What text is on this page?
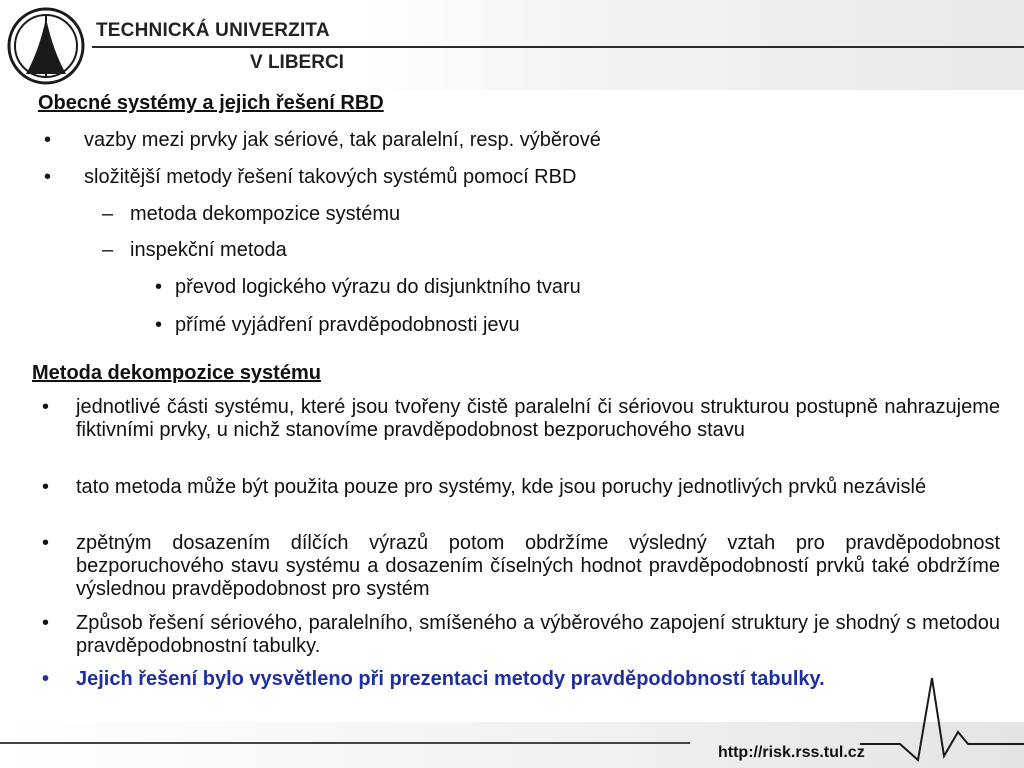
TECHNICKÁ UNIVERZITA
V LIBERCI
Obecné systémy a jejich řešení RBD
• vazby mezi prvky jak sériové, tak paralelní, resp. výběrové
• složitější metody řešení takových systémů pomocí RBD
– metoda dekompozice systému
– inspekční metoda
• převod logického výrazu do disjunktního tvaru
• přímé vyjádření pravděpodobnosti jevu
Metoda dekompozice systému
• jednotlivé části systému, které jsou tvořeny čistě paralelní či sériovou strukturou postupně nahrazujeme fiktivními prvky, u nichž stanovíme pravděpodobnost bezporuchového stavu
• tato metoda může být použita pouze pro systémy, kde jsou poruchy jednotlivých prvků nezávislé
• zpětným dosazením dílčích výrazů potom obdržíme výsledný vztah pro pravděpodobnost bezporuchového stavu systému a dosazením číselných hodnot pravděpodobností prvků také obdržíme výslednou pravděpodobnost pro systém
• Způsob řešení sériového, paralelního, smíšeného a výběrového zapojení struktury je shodný s metodou pravděpodobnostní tabulky.
• Jejich řešení bylo vysvětleno při prezentaci metody pravděpodobností tabulky.
http://risk.rss.tul.cz
